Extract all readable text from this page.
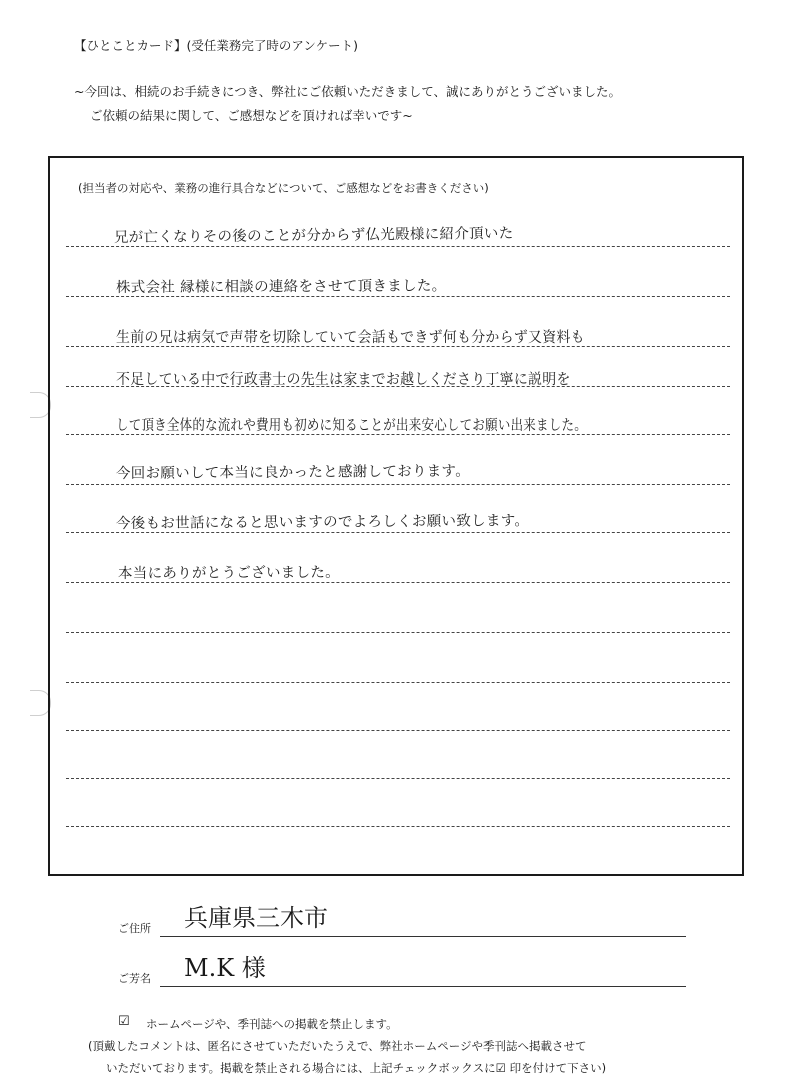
【ひとことカード】(受任業務完了時のアンケート)
~今回は、相続のお手続きにつき、弊社にご依頼いただきまして、誠にありがとうございました。
ご依頼の結果に関して、ご感想などを頂ければ幸いです~
(担当者の対応や、業務の進行具合などについて、ご感想などをお書きください)
兄が亡くなりその後のことが分からず仏光殿様に紹介頂いた
株式会社 縁様に相談の連絡をさせて頂きました。
生前の兄は病気で声帯を切除していて会話もできず何も分からず又資料も
不足している中で行政書士の先生は家までお越しくださり丁寧に説明を
して頂き全体的な流れや費用も初めに知ることが出来安心してお願い出来ました。
今回お願いして本当に良かったと感謝しております。
今後もお世話になると思いますのでよろしくお願い致します。
本当にありがとうございました。
ご住所 兵庫県三木市
ご芳名 M.K 様
☑ ホームページや、季刊誌への掲載を禁止します。
(頂戴したコメントは、匿名にさせていただいたうえで、弊社ホームページや季刊誌へ掲載させて
いただいております。掲載を禁止される場合には、上記チェックボックスに☑ 印を付けて下さい)
